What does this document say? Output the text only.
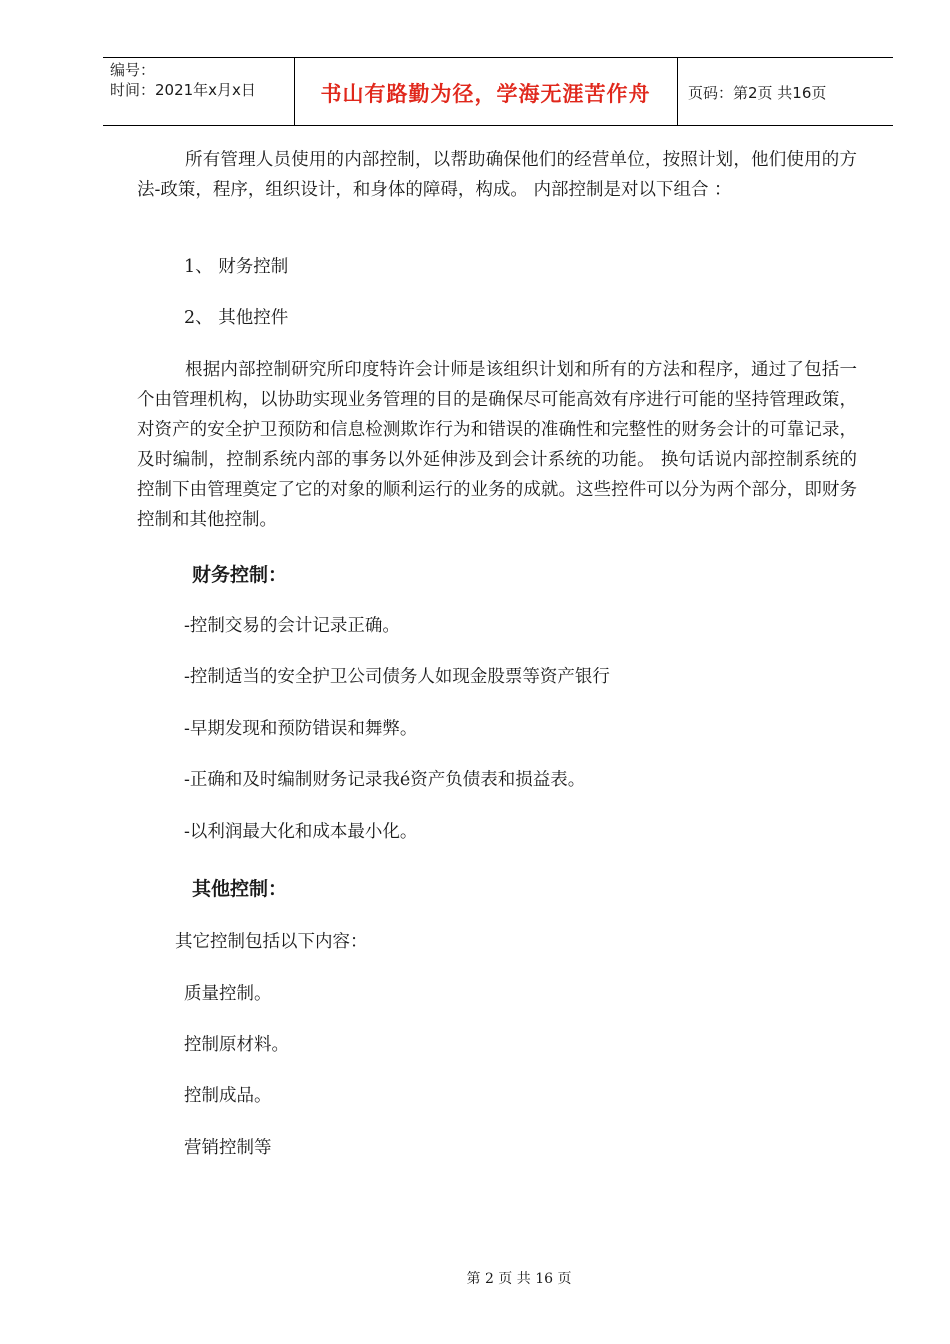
编号：
时间：2021年x月x日	书山有路勤为径，学海无涯苦作舟	页码：第2页 共16页
所有管理人员使用的内部控制，以帮助确保他们的经营单位，按照计划，他们使用的方法-政策，程序，组织设计，和身体的障碍，构成。 内部控制是对以下组合 ：
1、 财务控制
2、 其他控件
根据内部控制研究所印度特许会计师是该组织计划和所有的方法和程序，通过了包括一个由管理机构，以协助实现业务管理的目的是确保尽可能高效有序进行可能的坚持管理政策，对资产的安全护卫预防和信息检测欺诈行为和错误的准确性和完整性的财务会计的可靠记录，及时编制，控制系统内部的事务以外延伸涉及到会计系统的功能。 换句话说内部控制系统的控制下由管理奠定了它的对象的顺利运行的业务的成就。这些控件可以分为两个部分，即财务控制和其他控制。
财务控制：
-控制交易的会计记录正确。
-控制适当的安全护卫公司债务人如现金股票等资产银行
-早期发现和预防错误和舞弊。
-正确和及时编制财务记录我é资产负债表和损益表。
-以利润最大化和成本最小化。
其他控制：
其它控制包括以下内容：
质量控制。
控制原材料。
控制成品。
营销控制等
第 2 页 共 16 页
